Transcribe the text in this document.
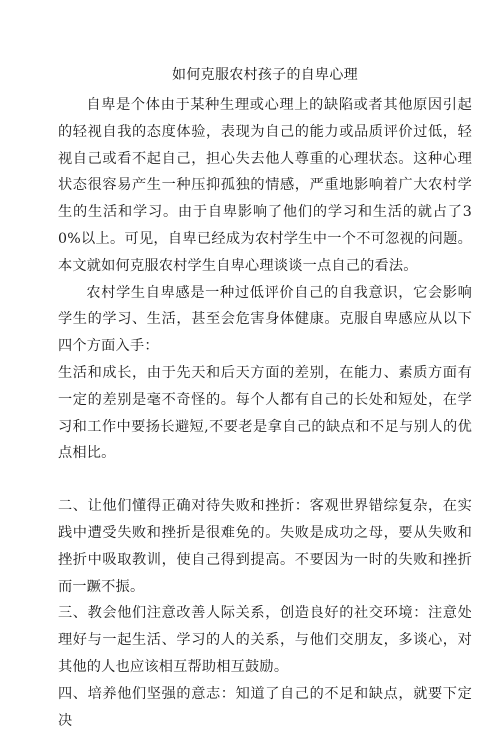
如何克服农村孩子的自卑心理

自卑是个体由于某种生理或心理上的缺陷或者其他原因引起的轻视自我的态度体验，表现为自己的能力或品质评价过低，轻视自己或看不起自己，担心失去他人尊重的心理状态。这种心理状态很容易产生一种压抑孤独的情感，严重地影响着广大农村学生的生活和学习。由于自卑影响了他们的学习和生活的就占了30%以上。可见，自卑已经成为农村学生中一个不可忽视的问题。本文就如何克服农村学生自卑心理谈谈一点自己的看法。

农村学生自卑感是一种过低评价自己的自我意识，它会影响学生的学习、生活，甚至会危害身体健康。克服自卑感应从以下四个方面入手：

生活和成长，由于先天和后天方面的差别，在能力、素质方面有一定的差别是毫不奇怪的。每个人都有自己的长处和短处，在学习和工作中要扬长避短,不要老是拿自己的缺点和不足与别人的优点相比。

二、让他们懂得正确对待失败和挫折：客观世界错综复杂，在实践中遭受失败和挫折是很难免的。失败是成功之母，要从失败和挫折中吸取教训，使自己得到提高。不要因为一时的失败和挫折而一蹶不振。

三、教会他们注意改善人际关系，创造良好的社交环境：注意处理好与一起生活、学习的人的关系，与他们交朋友，多谈心，对其他的人也应该相互帮助相互鼓励。

四、培养他们坚强的意志：知道了自己的不足和缺点，就要下定决
